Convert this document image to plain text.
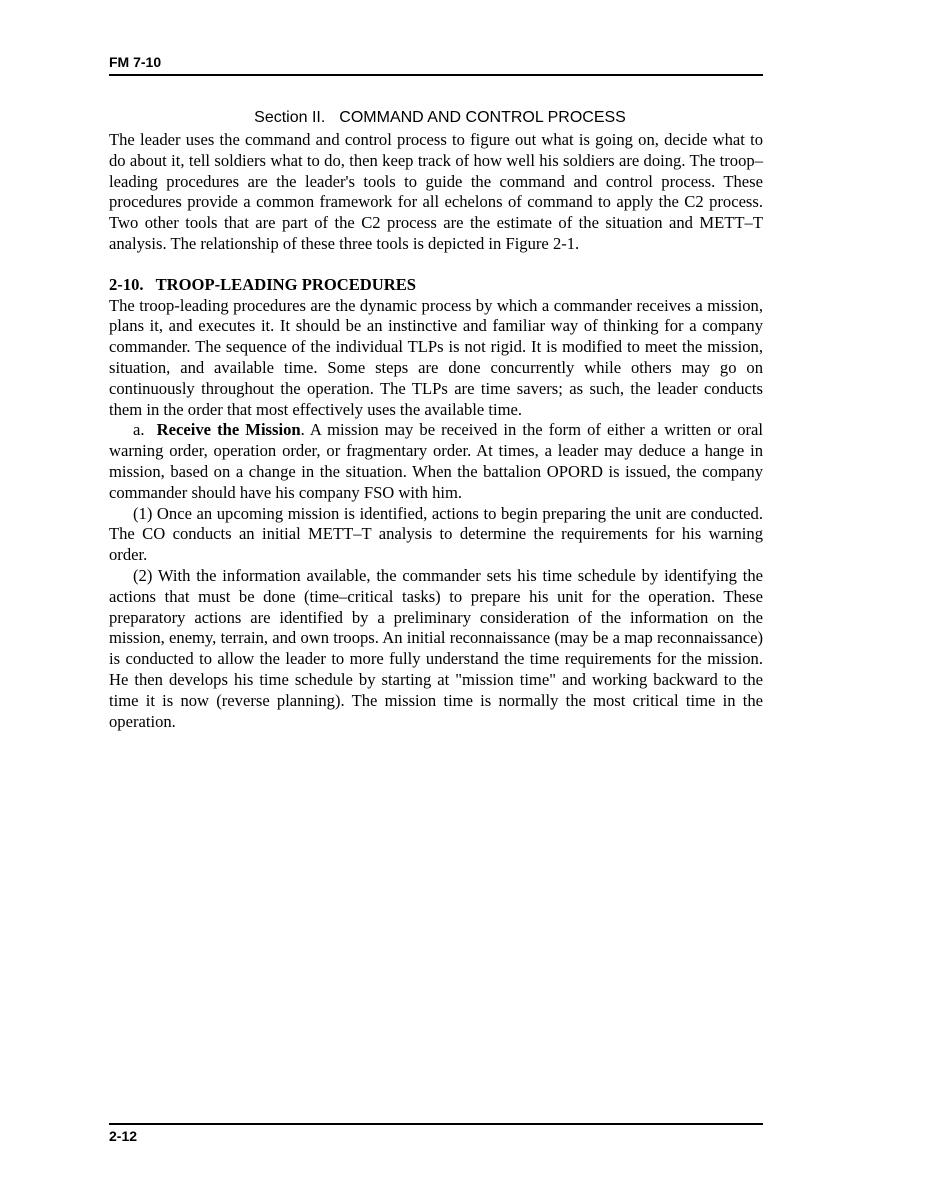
FM 7-10
Section II. COMMAND AND CONTROL PROCESS

The leader uses the command and control process to figure out what is going on, decide what to do about it, tell soldiers what to do, then keep track of how well his soldiers are doing. The troop–leading procedures are the leader's tools to guide the command and control process. These procedures provide a common framework for all echelons of command to apply the C2 process. Two other tools that are part of the C2 process are the estimate of the situation and METT–T analysis. The relationship of these three tools is depicted in Figure 2-1.

2-10. TROOP-LEADING PROCEDURES

The troop-leading procedures are the dynamic process by which a commander receives a mission, plans it, and executes it. It should be an instinctive and familiar way of thinking for a company commander. The sequence of the individual TLPs is not rigid. It is modified to meet the mission, situation, and available time. Some steps are done concurrently while others may go on continuously throughout the operation. The TLPs are time savers; as such, the leader conducts them in the order that most effectively uses the available time.

a. Receive the Mission. A mission may be received in the form of either a written or oral warning order, operation order, or fragmentary order. At times, a leader may deduce a hange in mission, based on a change in the situation. When the battalion OPORD is issued, the company commander should have his company FSO with him.

(1) Once an upcoming mission is identified, actions to begin preparing the unit are conducted. The CO conducts an initial METT–T analysis to determine the requirements for his warning order.

(2) With the information available, the commander sets his time schedule by identifying the actions that must be done (time–critical tasks) to prepare his unit for the operation. These preparatory actions are identified by a preliminary consideration of the information on the mission, enemy, terrain, and own troops. An initial reconnaissance (may be a map reconnaissance) is conducted to allow the leader to more fully understand the time requirements for the mission. He then develops his time schedule by starting at "mission time" and working backward to the time it is now (reverse planning). The mission time is normally the most critical time in the operation.

2-12
